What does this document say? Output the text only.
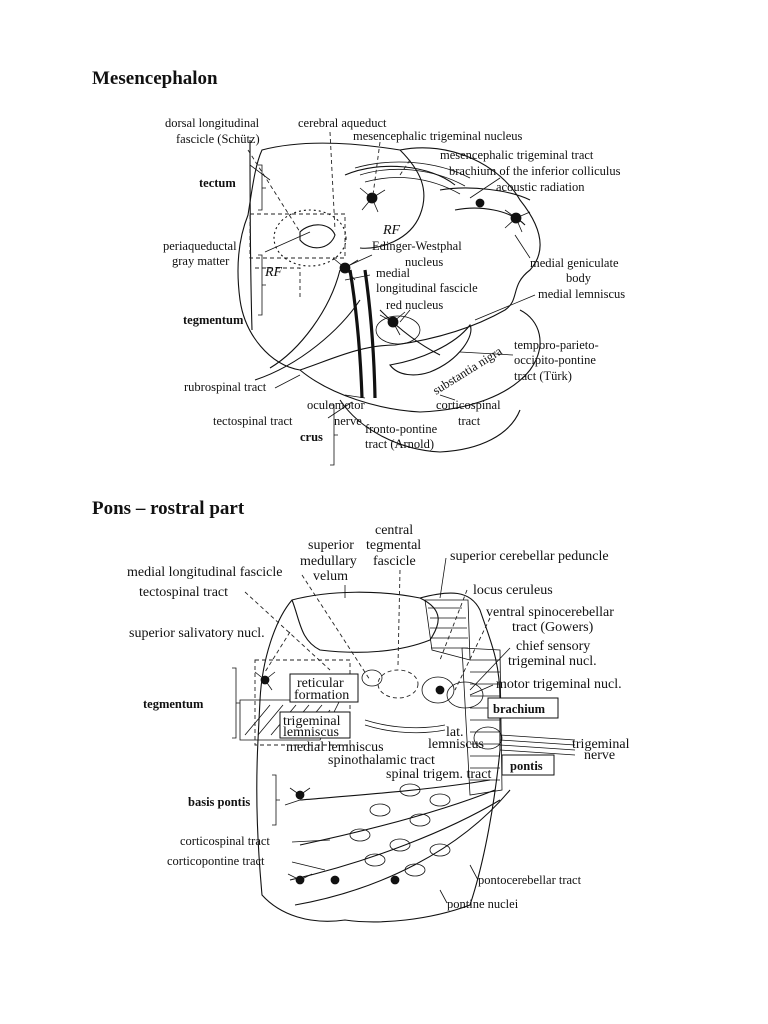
Mesencephalon
dorsal longitudinal
fascicle (Schütz)
cerebral aqueduct
mesencephalic trigeminal nucleus
mesencephalic trigeminal tract
brachium of the inferior colliculus
acoustic radiation
tectum
RF
periaqueductal
gray matter
RF
Edinger-Westphal
nucleus
medial
longitudinal fascicle
red nucleus
medial geniculate
body
medial lemniscus
tegmentum
temporo-parieto-
occipito-pontine
tract (Türk)
substantia nigra
rubrospinal tract
oculomotor
nerve
corticospinal
tract
tectospinal tract
crus
fronto-pontine
tract (Arnold)
Pons – rostral part
central
tegmental
fascicle
superior
medullary
velum
superior cerebellar peduncle
medial longitudinal fascicle
tectospinal tract	locus ceruleus
ventral spinocerebellar
tract (Gowers)
superior salivatory nucl.
chief sensory
trigeminal nucl.
reticular
formation
motor trigeminal nucl.
tegmentum	brachium
trigeminal
lemniscus	lat.
lemniscus	trigeminal
nerve
medial lemniscus
spinothalamic tract	pontis
spinal trigem. tract
basis pontis
corticospinal tract
corticopontine tract
pontocerebellar tract
pontine nuclei
